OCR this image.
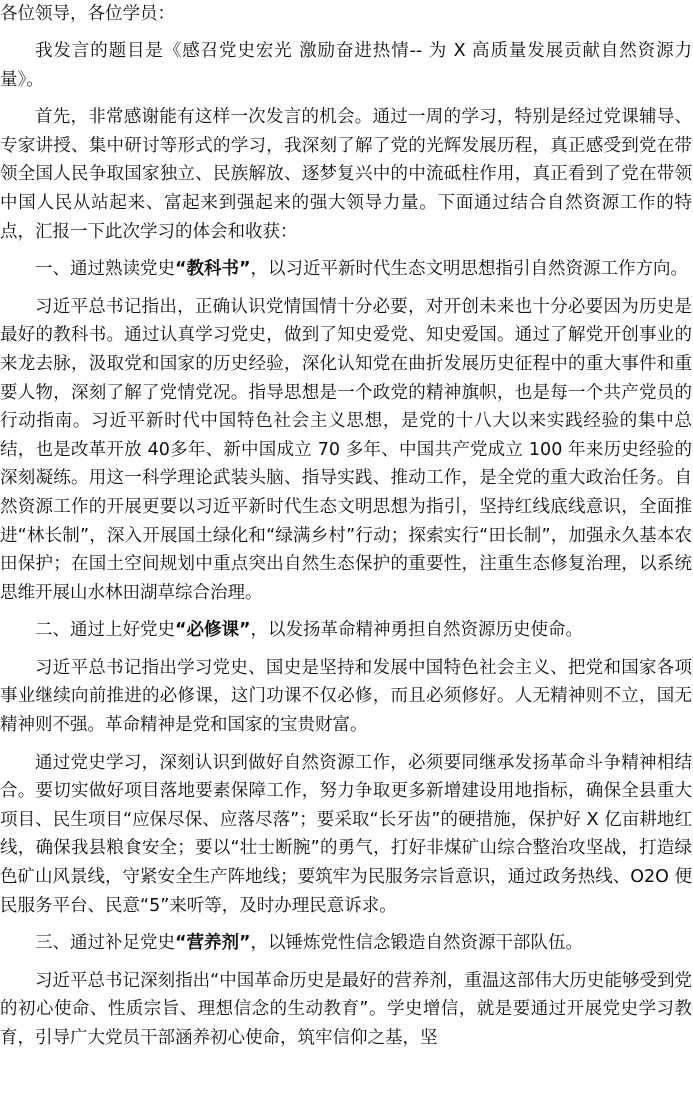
各位领导，各位学员：
我发言的题目是《感召党史宏光 激励奋进热情-- 为 X 高质量发展贡献自然资源力量》。
首先，非常感谢能有这样一次发言的机会。通过一周的学习，特别是经过党课辅导、专家讲授、集中研讨等形式的学习，我深刻了解了党的光辉发展历程，真正感受到党在带领全国人民争取国家独立、民族解放、逐梦复兴中的中流砥柱作用，真正看到了党在带领中国人民从站起来、富起来到强起来的强大领导力量。下面通过结合自然资源工作的特点，汇报一下此次学习的体会和收获：
一、通过熟读党史“教科书”，以习近平新时代生态文明思想指引自然资源工作方向。
习近平总书记指出，正确认识党情国情十分必要，对开创未来也十分必要因为历史是最好的教科书。通过认真学习党史，做到了知史爱党、知史爱国。通过了解党开创事业的来龙去脉，汲取党和国家的历史经验，深化认知党在曲折发展历史征程中的重大事件和重要人物，深刻了解了党情党况。指导思想是一个政党的精神旗帜，也是每一个共产党员的行动指南。习近平新时代中国特色社会主义思想，是党的十八大以来实践经验的集中总结，也是改革开放 40多年、新中国成立 70 多年、中国共产党成立 100 年来历史经验的深刻凝练。用这一科学理论武装头脑、指导实践、推动工作，是全党的重大政治任务。自然资源工作的开展更要以习近平新时代生态文明思想为指引，坚持红线底线意识，全面推进“林长制”，深入开展国土绿化和“绿满乡村”行动；探索实行“田长制”，加强永久基本农田保护；在国土空间规划中重点突出自然生态保护的重要性，注重生态修复治理，以系统思维开展山水林田湖草综合治理。
二、通过上好党史“必修课”，以发扬革命精神勇担自然资源历史使命。
习近平总书记指出学习党史、国史是坚持和发展中国特色社会主义、把党和国家各项事业继续向前推进的必修课，这门功课不仅必修，而且必须修好。人无精神则不立，国无精神则不强。革命精神是党和国家的宝贵财富。
通过党史学习，深刻认识到做好自然资源工作，必须要同继承发扬革命斗争精神相结合。要切实做好项目落地要素保障工作，努力争取更多新增建设用地指标，确保全县重大项目、民生项目“应保尽保、应落尽落”；要采取“长牙齿”的硬措施，保护好 X 亿亩耕地红线，确保我县粮食安全；要以“壮士断腕”的勇气，打好非煤矿山综合整治攻坚战，打造绿色矿山风景线，守紧安全生产阵地线；要筑牢为民服务宗旨意识，通过政务热线、O2O 便民服务平台、民意“5”来听等，及时办理民意诉求。
三、通过补足党史“营养剂”，以锤炼党性信念锻造自然资源干部队伍。
习近平总书记深刻指出“中国革命历史是最好的营养剂，重温这部伟大历史能够受到党的初心使命、性质宗旨、理想信念的生动教育”。学史增信，就是要通过开展党史学习教育，引导广大党员干部涵养初心使命，筑牢信仰之基，坚
